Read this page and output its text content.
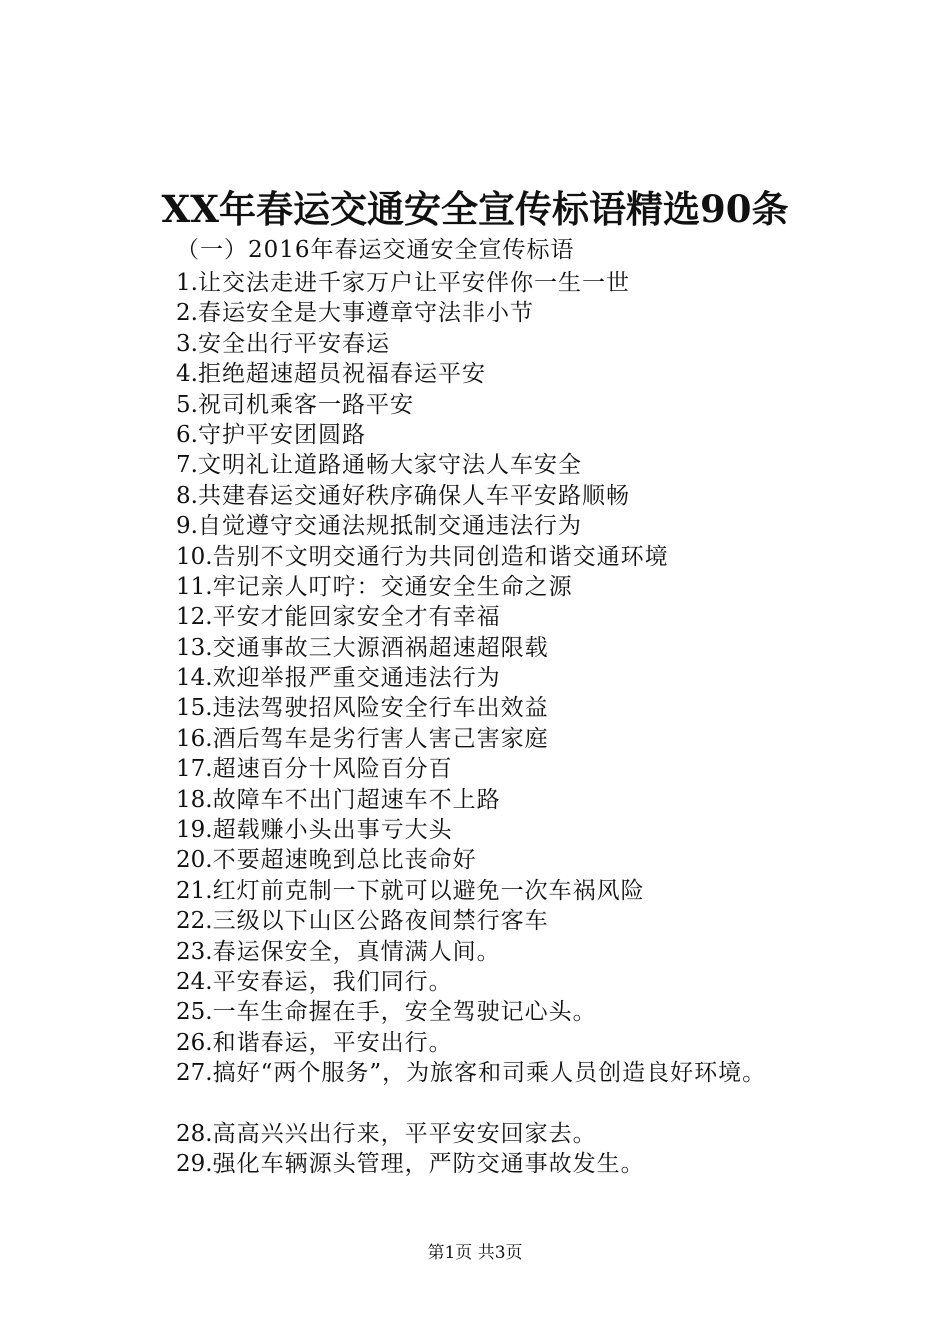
XX年春运交通安全宣传标语精选90条
（一）2016年春运交通安全宣传标语
1.让交法走进千家万户让平安伴你一生一世
2.春运安全是大事遵章守法非小节
3.安全出行平安春运
4.拒绝超速超员祝福春运平安
5.祝司机乘客一路平安
6.守护平安团圆路
7.文明礼让道路通畅大家守法人车安全
8.共建春运交通好秩序确保人车平安路顺畅
9.自觉遵守交通法规抵制交通违法行为
10.告别不文明交通行为共同创造和谐交通环境
11.牢记亲人叮咛：交通安全生命之源
12.平安才能回家安全才有幸福
13.交通事故三大源酒祸超速超限载
14.欢迎举报严重交通违法行为
15.违法驾驶招风险安全行车出效益
16.酒后驾车是劣行害人害己害家庭
17.超速百分十风险百分百
18.故障车不出门超速车不上路
19.超载赚小头出事亏大头
20.不要超速晚到总比丧命好
21.红灯前克制一下就可以避免一次车祸风险
22.三级以下山区公路夜间禁行客车
23.春运保安全，真情满人间。
24.平安春运，我们同行。
25.一车生命握在手，安全驾驶记心头。
26.和谐春运，平安出行。
27.搞好“两个服务”，为旅客和司乘人员创造良好环境。
28.高高兴兴出行来，平平安安回家去。
29.强化车辆源头管理，严防交通事故发生。
第1页 共3页
